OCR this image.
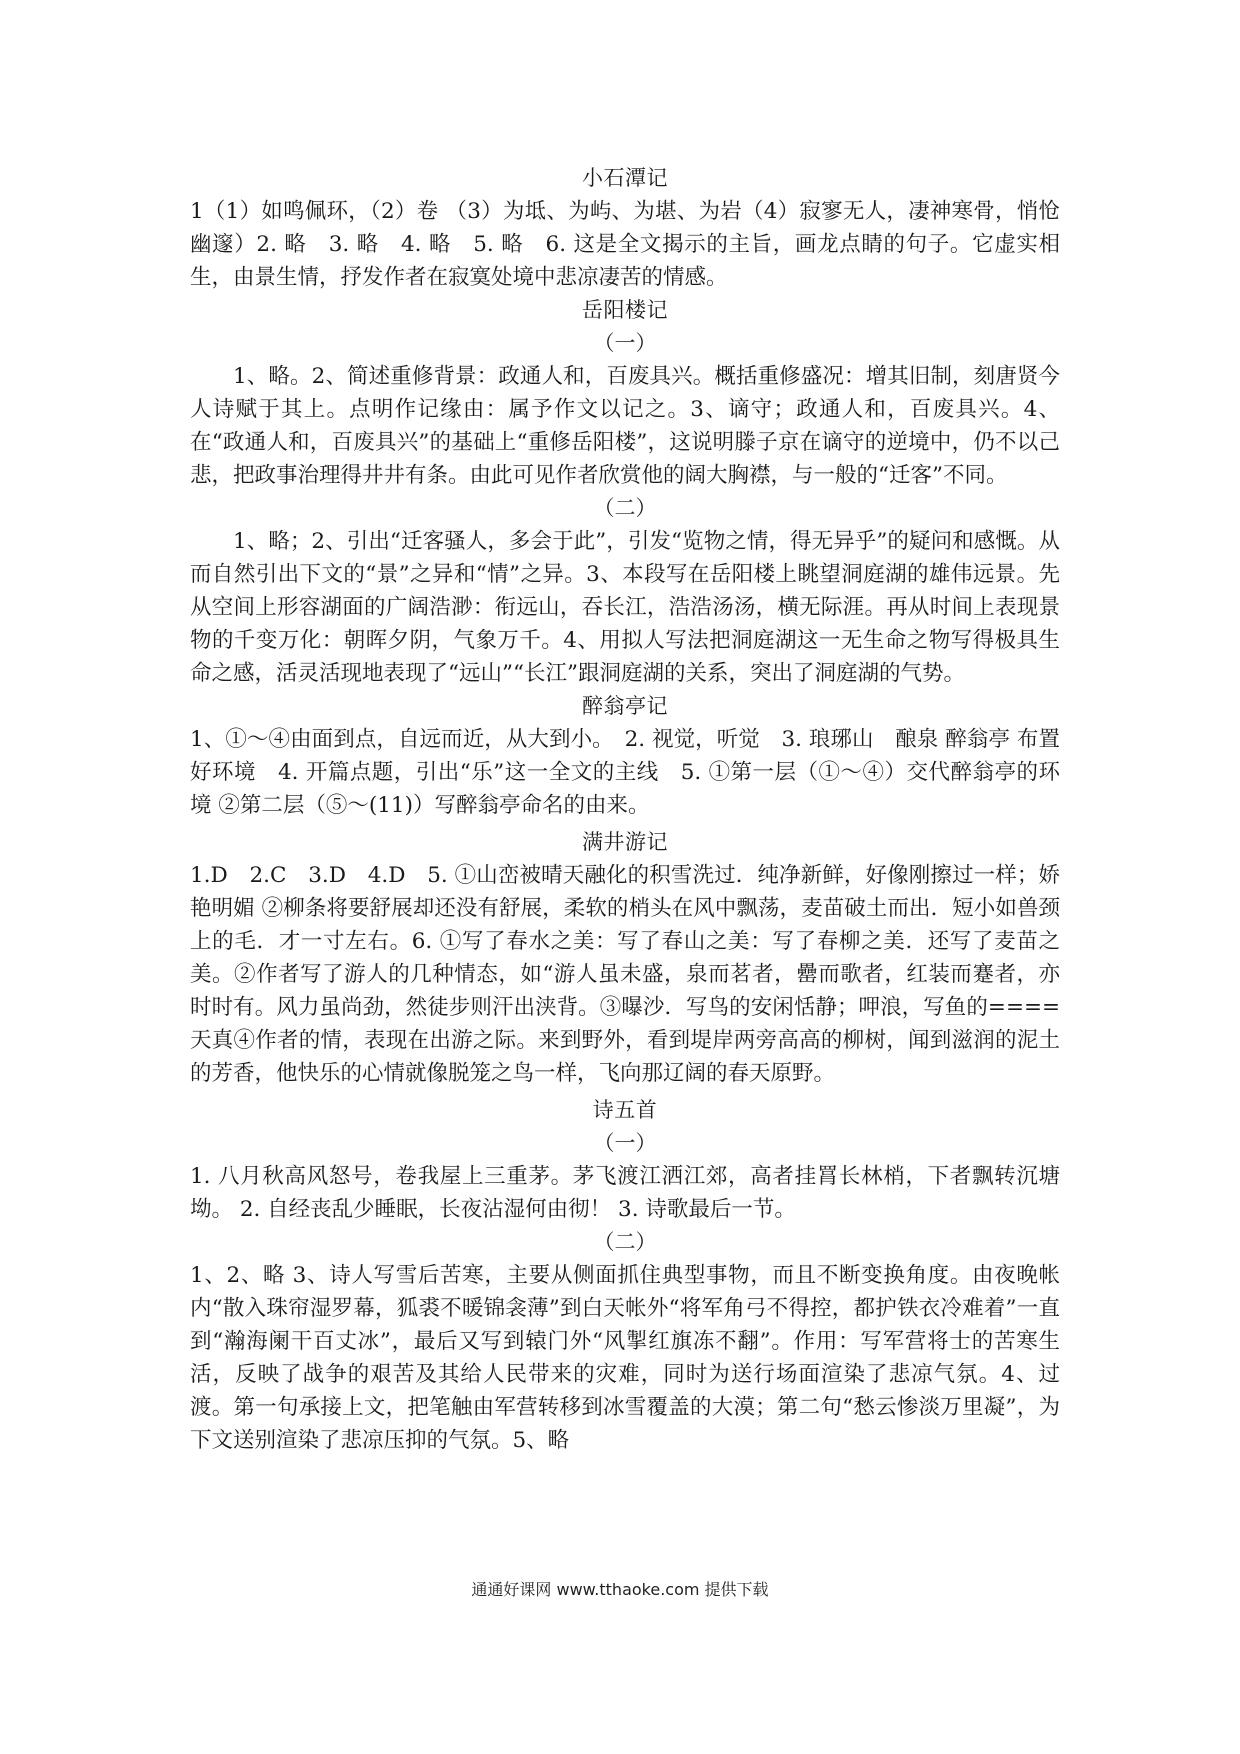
小石潭记

1（1）如鸣佩环，（2）卷 （3）为坻、为屿、为堪、为岩（4）寂寥无人，凄神寒骨，悄怆幽邃）2. 略　3. 略　4. 略　5. 略　6. 这是全文揭示的主旨，画龙点睛的句子。它虚实相生，由景生情，抒发作者在寂寞处境中悲凉凄苦的情感。

岳阳楼记
（一）

1、略。2、简述重修背景：政通人和，百废具兴。概括重修盛况：增其旧制，刻唐贤今人诗赋于其上。点明作记缘由：属予作文以记之。3、谪守；政通人和，百废具兴。4、在“政通人和，百废具兴”的基础上“重修岳阳楼”，这说明滕子京在谪守的逆境中，仍不以己悲，把政事治理得井井有条。由此可见作者欣赏他的阔大胸襟，与一般的“迁客”不同。

（二）

1、略；2、引出“迁客骚人，多会于此”，引发“览物之情，得无异乎”的疑问和感慨。从而自然引出下文的“景”之异和“情”之异。3、本段写在岳阳楼上眺望洞庭湖的雄伟远景。先从空间上形容湖面的广阔浩渺：衔远山，吞长江，浩浩汤汤，横无际涯。再从时间上表现景物的千变万化：朝晖夕阴，气象万千。4、用拟人写法把洞庭湖这一无生命之物写得极具生命之感，活灵活现地表现了“远山”“长江”跟洞庭湖的关系，突出了洞庭湖的气势。

醉翁亭记

1、①～④由面到点，自远而近，从大到小。　2. 视觉，听觉　3. 琅琊山　酿泉 醉翁亭 布置好环境　4. 开篇点题，引出“乐”这一全文的主线　5. ①第一层（①～④）交代醉翁亭的环境 ②第二层（⑤～(11)）写醉翁亭命名的由来。

满井游记

1.D　2.C　3.D　4.D　5. ①山峦被晴天融化的积雪洗过．纯净新鲜，好像刚擦过一样；娇艳明媚 ②柳条将要舒展却还没有舒展，柔软的梢头在风中飘荡，麦苗破土而出．短小如兽颈上的毛．才一寸左右。6. ①写了春水之美：写了春山之美：写了春柳之美．还写了麦苗之美。②作者写了游人的几种情态，如“游人虽未盛，泉而茗者，罍而歌者，红装而蹇者，亦时时有。风力虽尚劲，然徒步则汗出浃背。③曝沙．写鸟的安闲恬静；呷浪，写鱼的====天真④作者的情，表现在出游之际。来到野外，看到堤岸两旁高高的柳树，闻到滋润的泥土的芳香，他快乐的心情就像脱笼之鸟一样，飞向那辽阔的春天原野。

诗五首
（一）

1. 八月秋高风怒号，卷我屋上三重茅。茅飞渡江洒江郊，高者挂罥长林梢，下者飘转沉塘坳。 2. 自经丧乱少睡眠，长夜沾湿何由彻！ 3. 诗歌最后一节。

（二）

1、2、略 3、诗人写雪后苦寒，主要从侧面抓住典型事物，而且不断变换角度。由夜晚帐内“散入珠帘湿罗幕，狐裘不暖锦衾薄”到白天帐外“将军角弓不得控，都护铁衣冷难着”一直到“瀚海阑干百丈冰”，最后又写到辕门外“风掣红旗冻不翻”。作用：写军营将士的苦寒生活，反映了战争的艰苦及其给人民带来的灾难，同时为送行场面渲染了悲凉气氛。4、过渡。第一句承接上文，把笔触由军营转移到冰雪覆盖的大漠；第二句“愁云惨淡万里凝”，为下文送别渲染了悲凉压抑的气氛。5、略

通通好课网 www.tthaoke.com 提供下载
